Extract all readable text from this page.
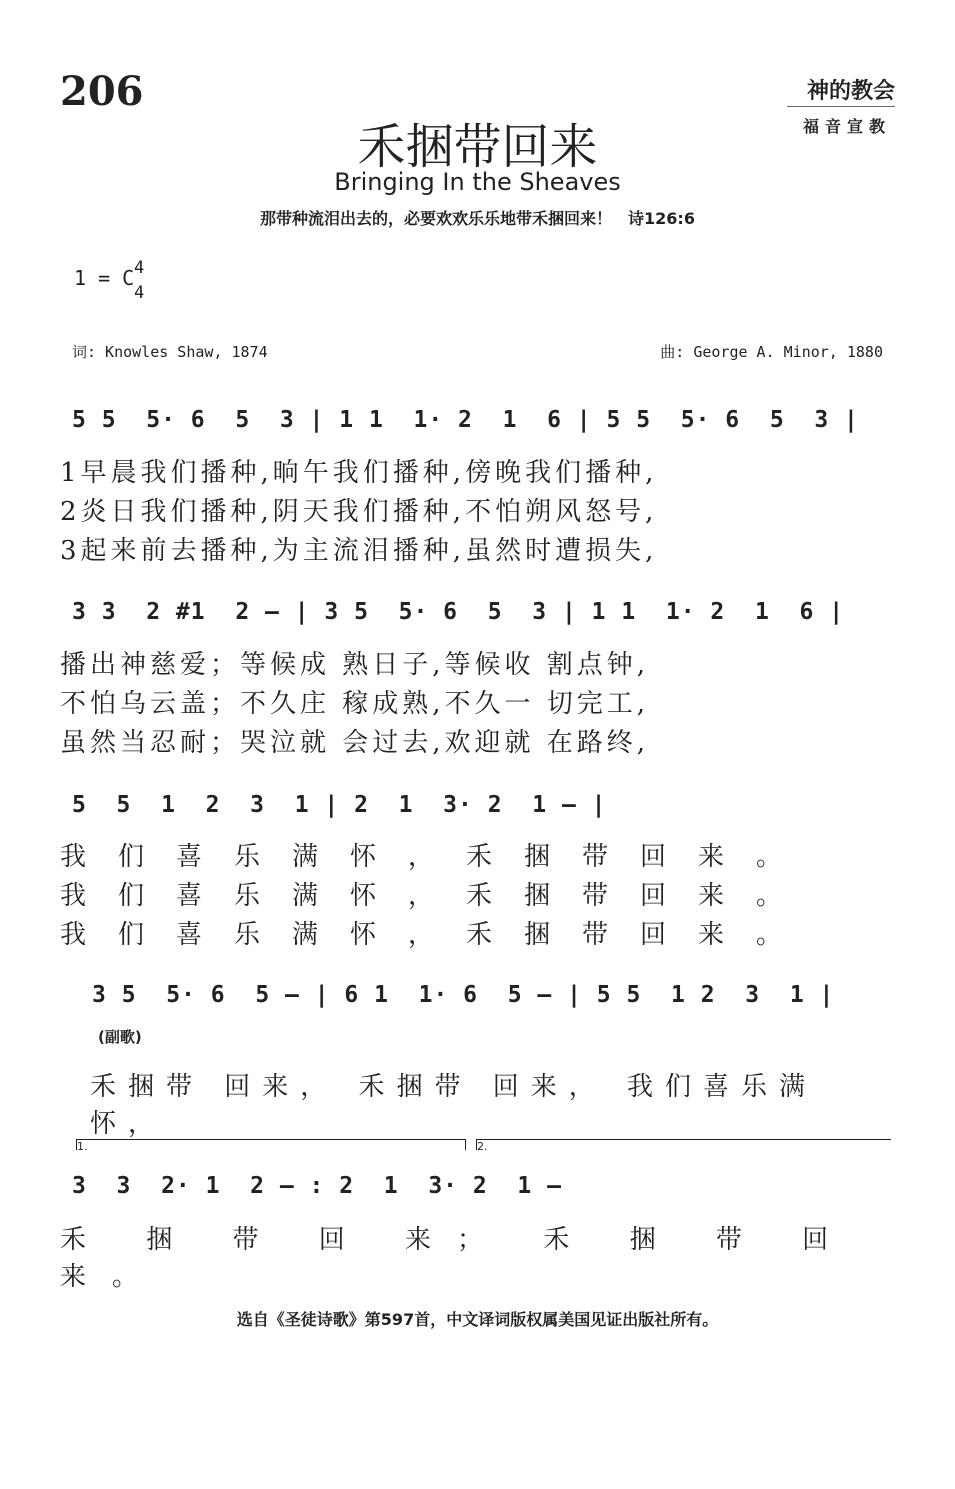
206	神的教会
福音宣教
禾捆带回来
Bringing In the Sheaves
那带种流泪出去的，必要欢欢乐乐地带禾捆回来！　诗126:6
1 = C 4
4
词: Knowles Shaw, 1874	曲: George A. Minor, 1880
5 5  5· 6  5  3 | 1 1  1· 2  1  6 | 5 5  5· 6  5  3 |
1早晨我们播种,晌午我们播种,傍晚我们播种,
2炎日我们播种,阴天我们播种,不怕朔风怒号,
3起来前去播种,为主流泪播种,虽然时遭损失,
3 3  2 #1  2 – | 3 5  5· 6  5  3 | 1 1  1· 2  1  6 |
播出神慈爱；等候成 熟日子,等候收 割点钟,
不怕乌云盖；不久庄 稼成熟,不久一 切完工,
虽然当忍耐；哭泣就 会过去,欢迎就 在路终,
5  5  1  2  3  1 | 2  1  3· 2  1 – |
我们喜乐满怀，禾捆带回来。
我们喜乐满怀，禾捆带回来。
我们喜乐满怀，禾捆带回来。
3 5  5· 6  5 – | 6 1  1· 6  5 – | 5 5  1 2  3  1 |
(副歌)
禾捆带 回来， 禾捆带 回来， 我们喜乐满怀，
1.	2.
3  3  2· 1  2 – : 2  1  3· 2  1 –
禾 捆 带 回 来； 禾 捆 带 回 来。
选自《圣徒诗歌》第597首，中文译词版权属美国见证出版社所有。
